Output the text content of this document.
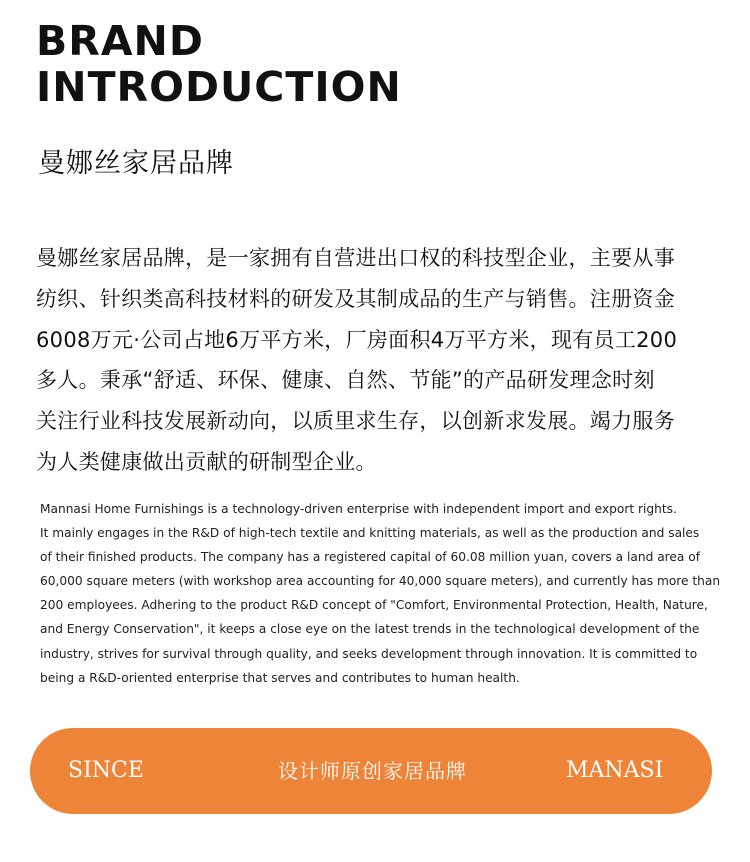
BRAND
INTRODUCTION
曼娜丝家居品牌
曼娜丝家居品牌，是一家拥有自营进出口权的科技型企业，主要从事
纺织、针织类高科技材料的研发及其制成品的生产与销售。注册资金
6008万元·公司占地6万平方米，厂房面积4万平方米，现有员工200
多人。秉承“舒适、环保、健康、自然、节能”的产品研发理念时刻
关注行业科技发展新动向，以质里求生存，以创新求发展。竭力服务
为人类健康做出贡献的研制型企业。
Mannasi Home Furnishings is a technology-driven enterprise with independent import and export rights.
It mainly engages in the R&D of high-tech textile and knitting materials, as well as the production and sales
of their finished products. The company has a registered capital of 60.08 million yuan, covers a land area of
60,000 square meters (with workshop area accounting for 40,000 square meters), and currently has more than
200 employees. Adhering to the product R&D concept of "Comfort, Environmental Protection, Health, Nature,
and Energy Conservation", it keeps a close eye on the latest trends in the technological development of the
industry, strives for survival through quality, and seeks development through innovation. It is committed to
being a R&D-oriented enterprise that serves and contributes to human health.
SINCE	设计师原创家居品牌	MANASI
